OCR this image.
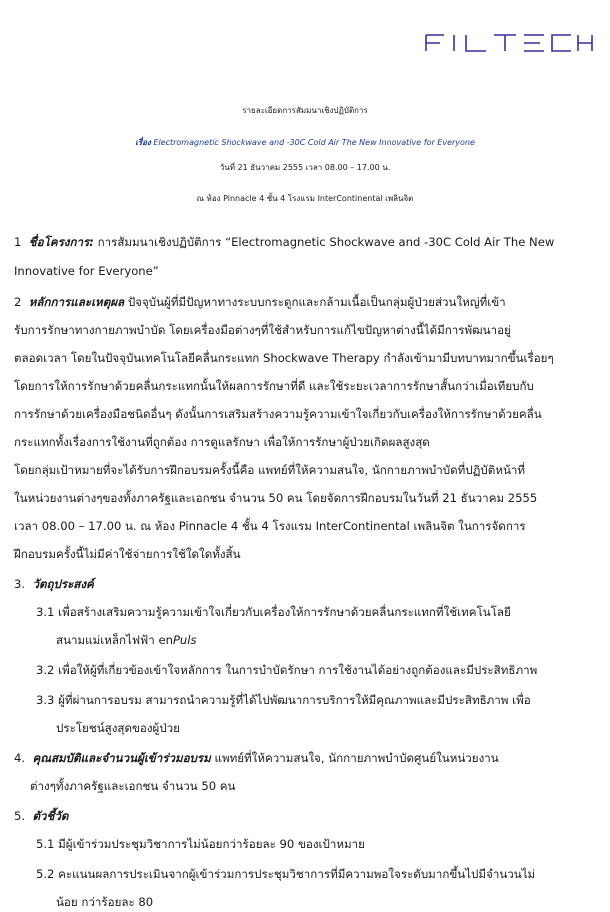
รายละเอียดการสัมมนาเชิงปฏิบัติการ
เรื่อง Electromagnetic Shockwave and -30C Cold Air The New Innovative for Everyone
วันที่ 21 ธันวาคม 2555 เวลา 08.00 – 17.00 น.
ณ ห้อง Pinnacle 4 ชั้น 4 โรงแรม InterContinental เพลินจิต
1 ชื่อโครงการ: การสัมมนาเชิงปฏิบัติการ “Electromagnetic Shockwave and -30C Cold Air The New
Innovative for Everyone”
2 หลักการและเหตุผล ปัจจุบันผู้ที่มีปัญหาทางระบบกระดูกและกล้ามเนื้อเป็นกลุ่มผู้ป่วยส่วนใหญ่ที่เข้า
รับการรักษาทางกายภาพบำบัด โดยเครื่องมือต่างๆที่ใช้สำหรับการแก้ไขปัญหาต่างนี้ได้มีการพัฒนาอยู่
ตลอดเวลา โดยในปัจจุบันเทคโนโลยีคลื่นกระแทก Shockwave Therapy กำลังเข้ามามีบทบาทมากขึ้นเรื่อยๆ
โดยการให้การรักษาด้วยคลื่นกระแทกนั้นให้ผลการรักษาที่ดี และใช้ระยะเวลาการรักษาสั้นกว่าเมื่อเทียบกับ
การรักษาด้วยเครื่องมือชนิดอื่นๆ ดังนั้นการเสริมสร้างความรู้ความเข้าใจเกี่ยวกับเครื่องให้การรักษาด้วยคลื่น
กระแทกทั้งเรื่องการใช้งานที่ถูกต้อง การดูแลรักษา เพื่อให้การรักษาผู้ป่วยเกิดผลสูงสุด
โดยกลุ่มเป้าหมายที่จะได้รับการฝึกอบรมครั้งนี้คือ แพทย์ที่ให้ความสนใจ, นักกายภาพบำบัดที่ปฏิบัติหน้าที่
ในหน่วยงานต่างๆของทั้งภาครัฐและเอกชน จำนวน 50 คน โดยจัดการฝึกอบรมในวันที่ 21 ธันวาคม 2555
เวลา 08.00 – 17.00 น. ณ ห้อง Pinnacle 4 ชั้น 4 โรงแรม InterContinental เพลินจิต ในการจัดการ
ฝึกอบรมครั้งนี้ไม่มีค่าใช้จ่ายการใช้ใดใดทั้งสิ้น
3. วัตถุประสงค์
3.1 เพื่อสร้างเสริมความรู้ความเข้าใจเกี่ยวกับเครื่องให้การรักษาด้วยคลื่นกระแทกที่ใช้เทคโนโลยี
สนามแม่เหล็กไฟฟ้า enPuls
3.2 เพื่อให้ผู้ที่เกี่ยวข้องเข้าใจหลักการ ในการบำบัดรักษา การใช้งานได้อย่างถูกต้องและมีประสิทธิภาพ
3.3 ผู้ที่ผ่านการอบรม สามารถนำความรู้ที่ได้ไปพัฒนาการบริการให้มีคุณภาพและมีประสิทธิภาพ เพื่อ
ประโยชน์สูงสุดของผู้ป่วย
4. คุณสมบัติและจำนวนผู้เข้าร่วมอบรม แพทย์ที่ให้ความสนใจ, นักกายภาพบำบัดศูนย์ในหน่วยงาน
ต่างๆทั้งภาครัฐและเอกชน จำนวน 50 คน
5. ตัวชี้วัด
5.1 มีผู้เข้าร่วมประชุมวิชาการไม่น้อยกว่าร้อยละ 90 ของเป้าหมาย
5.2 คะแนนผลการประเมินจากผู้เข้าร่วมการประชุมวิชาการที่มีความพอใจระดับมากขึ้นไปมีจำนวนไม่
น้อย กว่าร้อยละ 80
